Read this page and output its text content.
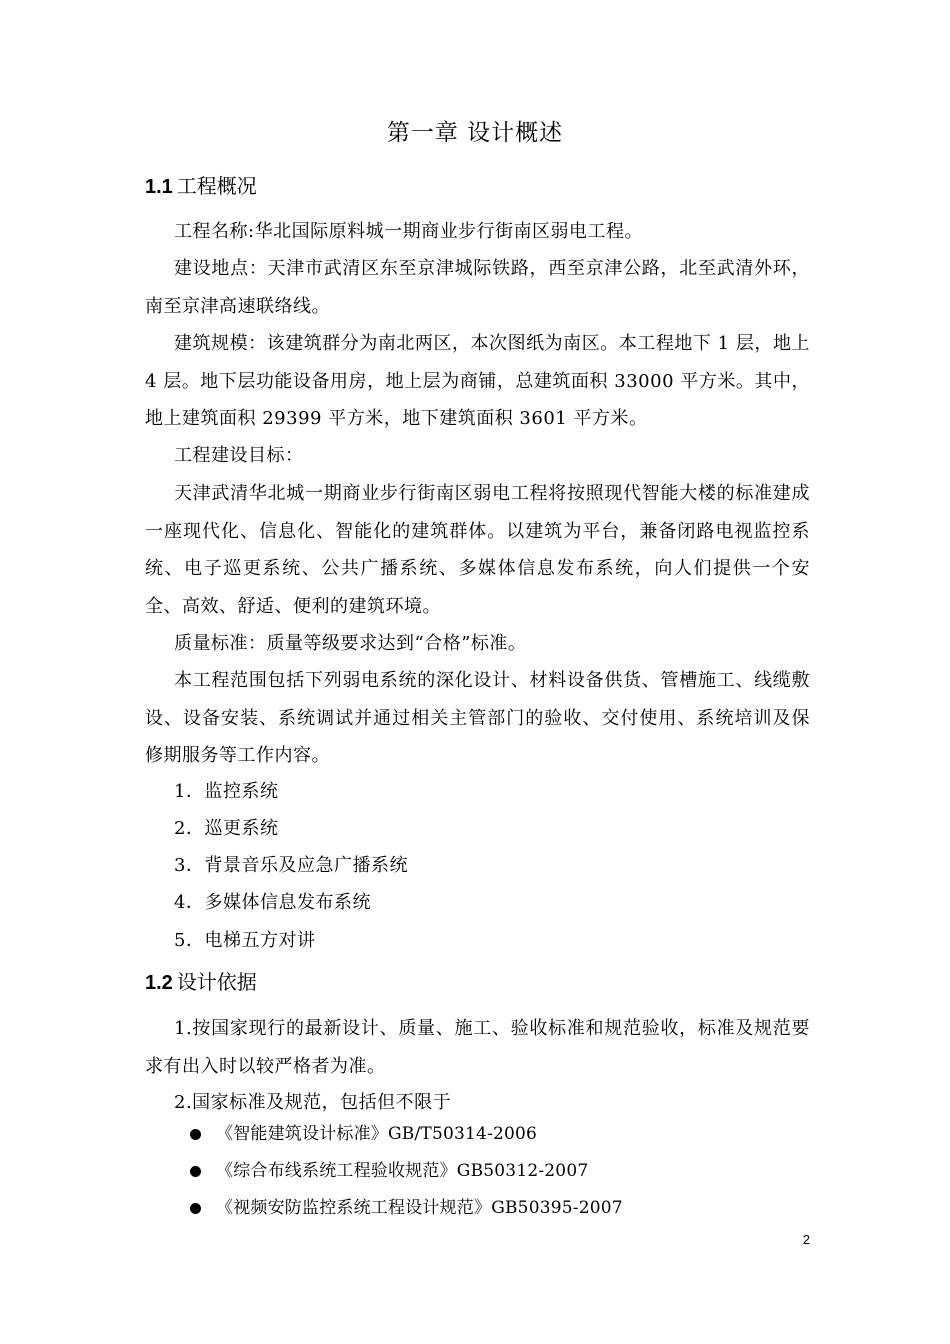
第一章 设计概述
1.1 工程概况
工程名称:华北国际原料城一期商业步行街南区弱电工程。
建设地点：天津市武清区东至京津城际铁路，西至京津公路，北至武清外环，南至京津高速联络线。
建筑规模：该建筑群分为南北两区，本次图纸为南区。本工程地下 1 层，地上 4 层。地下层功能设备用房，地上层为商铺，总建筑面积 33000 平方米。其中，地上建筑面积 29399 平方米，地下建筑面积 3601 平方米。
工程建设目标：
天津武清华北城一期商业步行街南区弱电工程将按照现代智能大楼的标准建成一座现代化、信息化、智能化的建筑群体。以建筑为平台，兼备闭路电视监控系统、电子巡更系统、公共广播系统、多媒体信息发布系统，向人们提供一个安全、高效、舒适、便利的建筑环境。
质量标准：质量等级要求达到“合格”标准。
本工程范围包括下列弱电系统的深化设计、材料设备供货、管槽施工、线缆敷设、设备安装、系统调试并通过相关主管部门的验收、交付使用、系统培训及保修期服务等工作内容。
1．监控系统
2．巡更系统
3．背景音乐及应急广播系统
4．多媒体信息发布系统
5．电梯五方对讲
1.2 设计依据
1.按国家现行的最新设计、质量、施工、验收标准和规范验收，标准及规范要求有出入时以较严格者为准。
2.国家标准及规范，包括但不限于
《智能建筑设计标准》GB/T50314-2006
《综合布线系统工程验收规范》GB50312-2007
《视频安防监控系统工程设计规范》GB50395-2007
2
